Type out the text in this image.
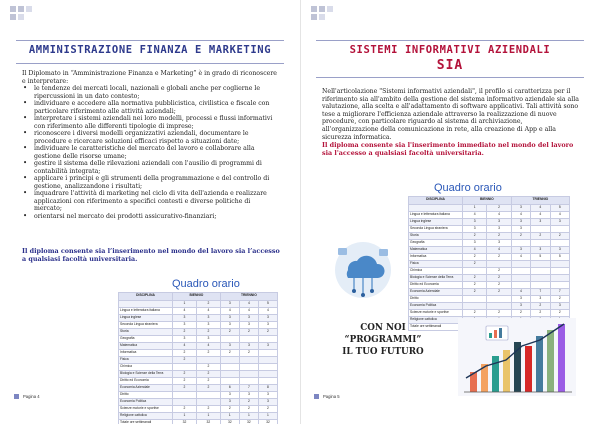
AMMINISTRAZIONE FINANZA E MARKETING

Il Diplomato in “Amministrazione Finanza e Marketing” è in grado di riconoscere e interpretare:

• le tendenze dei mercati locali, nazionali e globali anche per coglierne le ripercussioni in un dato contesto;
• individuare e accedere alla normativa pubblicistica, civilistica e fiscale con particolare riferimento alle attività aziendali;
• interpretare i sistemi aziendali nei loro modelli, processi e flussi informativi con riferimento alle differenti tipologie di imprese;
• riconoscere i diversi modelli organizzativi aziendali, documentare le procedure e ricercare soluzioni efficaci rispetto a situazioni date;
• individuare le caratteristiche del mercato del lavoro e collaborare alla gestione delle risorse umane;
• gestire il sistema delle rilevazioni aziendali con l'ausilio di programmi di contabilità integrata;
• applicare i principi e gli strumenti della programmazione e del controllo di gestione, analizzandone i risultati;
• inquadrare l'attività di marketing nel ciclo di vita dell'azienda e realizzare applicazioni con riferimento a specifici contesti e diverse politiche di mercato;
• orientarsi nel mercato dei prodotti assicurativo-finanziari;

Il diploma consente sia l’inserimento nel mondo del lavoro sia l’accesso a qualsiasi facoltà universitaria.

Quadro orario
DISCIPLINA	BIENNIO		TRIENNIO		
	1	2	3	4	5
Lingua e letteratura italiana	4	4	4	4	4
Lingua inglese	3	3	3	3	3
Seconda Lingua straniera	3	3	3	3	3
Storia	2	2	2	2	2
Geografia	3	3			
Matematica	4	4	3	3	3
Informatica	2	2	2	2	
Fisica	2				
Chimica		2			
Biologia e Scienze della Terra	2	2			
Diritto ed Economia	2	2			
Economia Aziendale	2	2	6	7	8
Diritto			3	3	3
Economia Politica			3	2	3
Scienze motorie e sportive	2	2	2	2	2
Religione cattolica	1	1	1	1	1
Totale ore settimanali	32	32	32	32	32
Pagina 4
SISTEMI INFORMATIVI AZIENDALI
SIA

Nell'articolazione "Sistemi informativi aziendali", il profilo si caratterizza per il riferimento sia all'ambito della gestione del sistema informativo aziendale sia alla valutazione, alla scelta e all'adattamento di software applicativi. Tali attività sono tese a migliorare l'efficienza aziendale attraverso la realizzazione di nuove procedure, con particolare riguardo al sistema di archiviazione, all'organizzazione della comunicazione in rete, alla creazione di App e alla sicurezza informatica.

Il diploma consente sia l'inserimento immediato nel mondo del lavoro sia l'accesso a qualsiasi facoltà universitaria.

Quadro orario
DISCIPLINA	BIENNIO		TRIENNIO		
	1	2	3	4	5
Lingua e letteratura italiana	4	4	4	4	4
Lingua inglese	3	3	3	3	3
Seconda Lingua straniera	3	3	3		
Storia	2	2	2	2	2
Geografia	3	3			
Matematica	4	4	3	3	3
Informatica	2	2	4	5	5
Fisica	2				
Chimica		2			
Biologia e Scienze della Terra	2	2			
Diritto ed Economia	2	2			
Economia Aziendale	2	2	4	7	7
Diritto			3	3	2
Economia Politica			3	2	3
Scienze motorie e sportive	2	2	2	2	2
Religione cattolica					
Totale ore settimanali					
CON NOI “PROGRAMMI”
IL TUO FUTURO
Pagina 5
